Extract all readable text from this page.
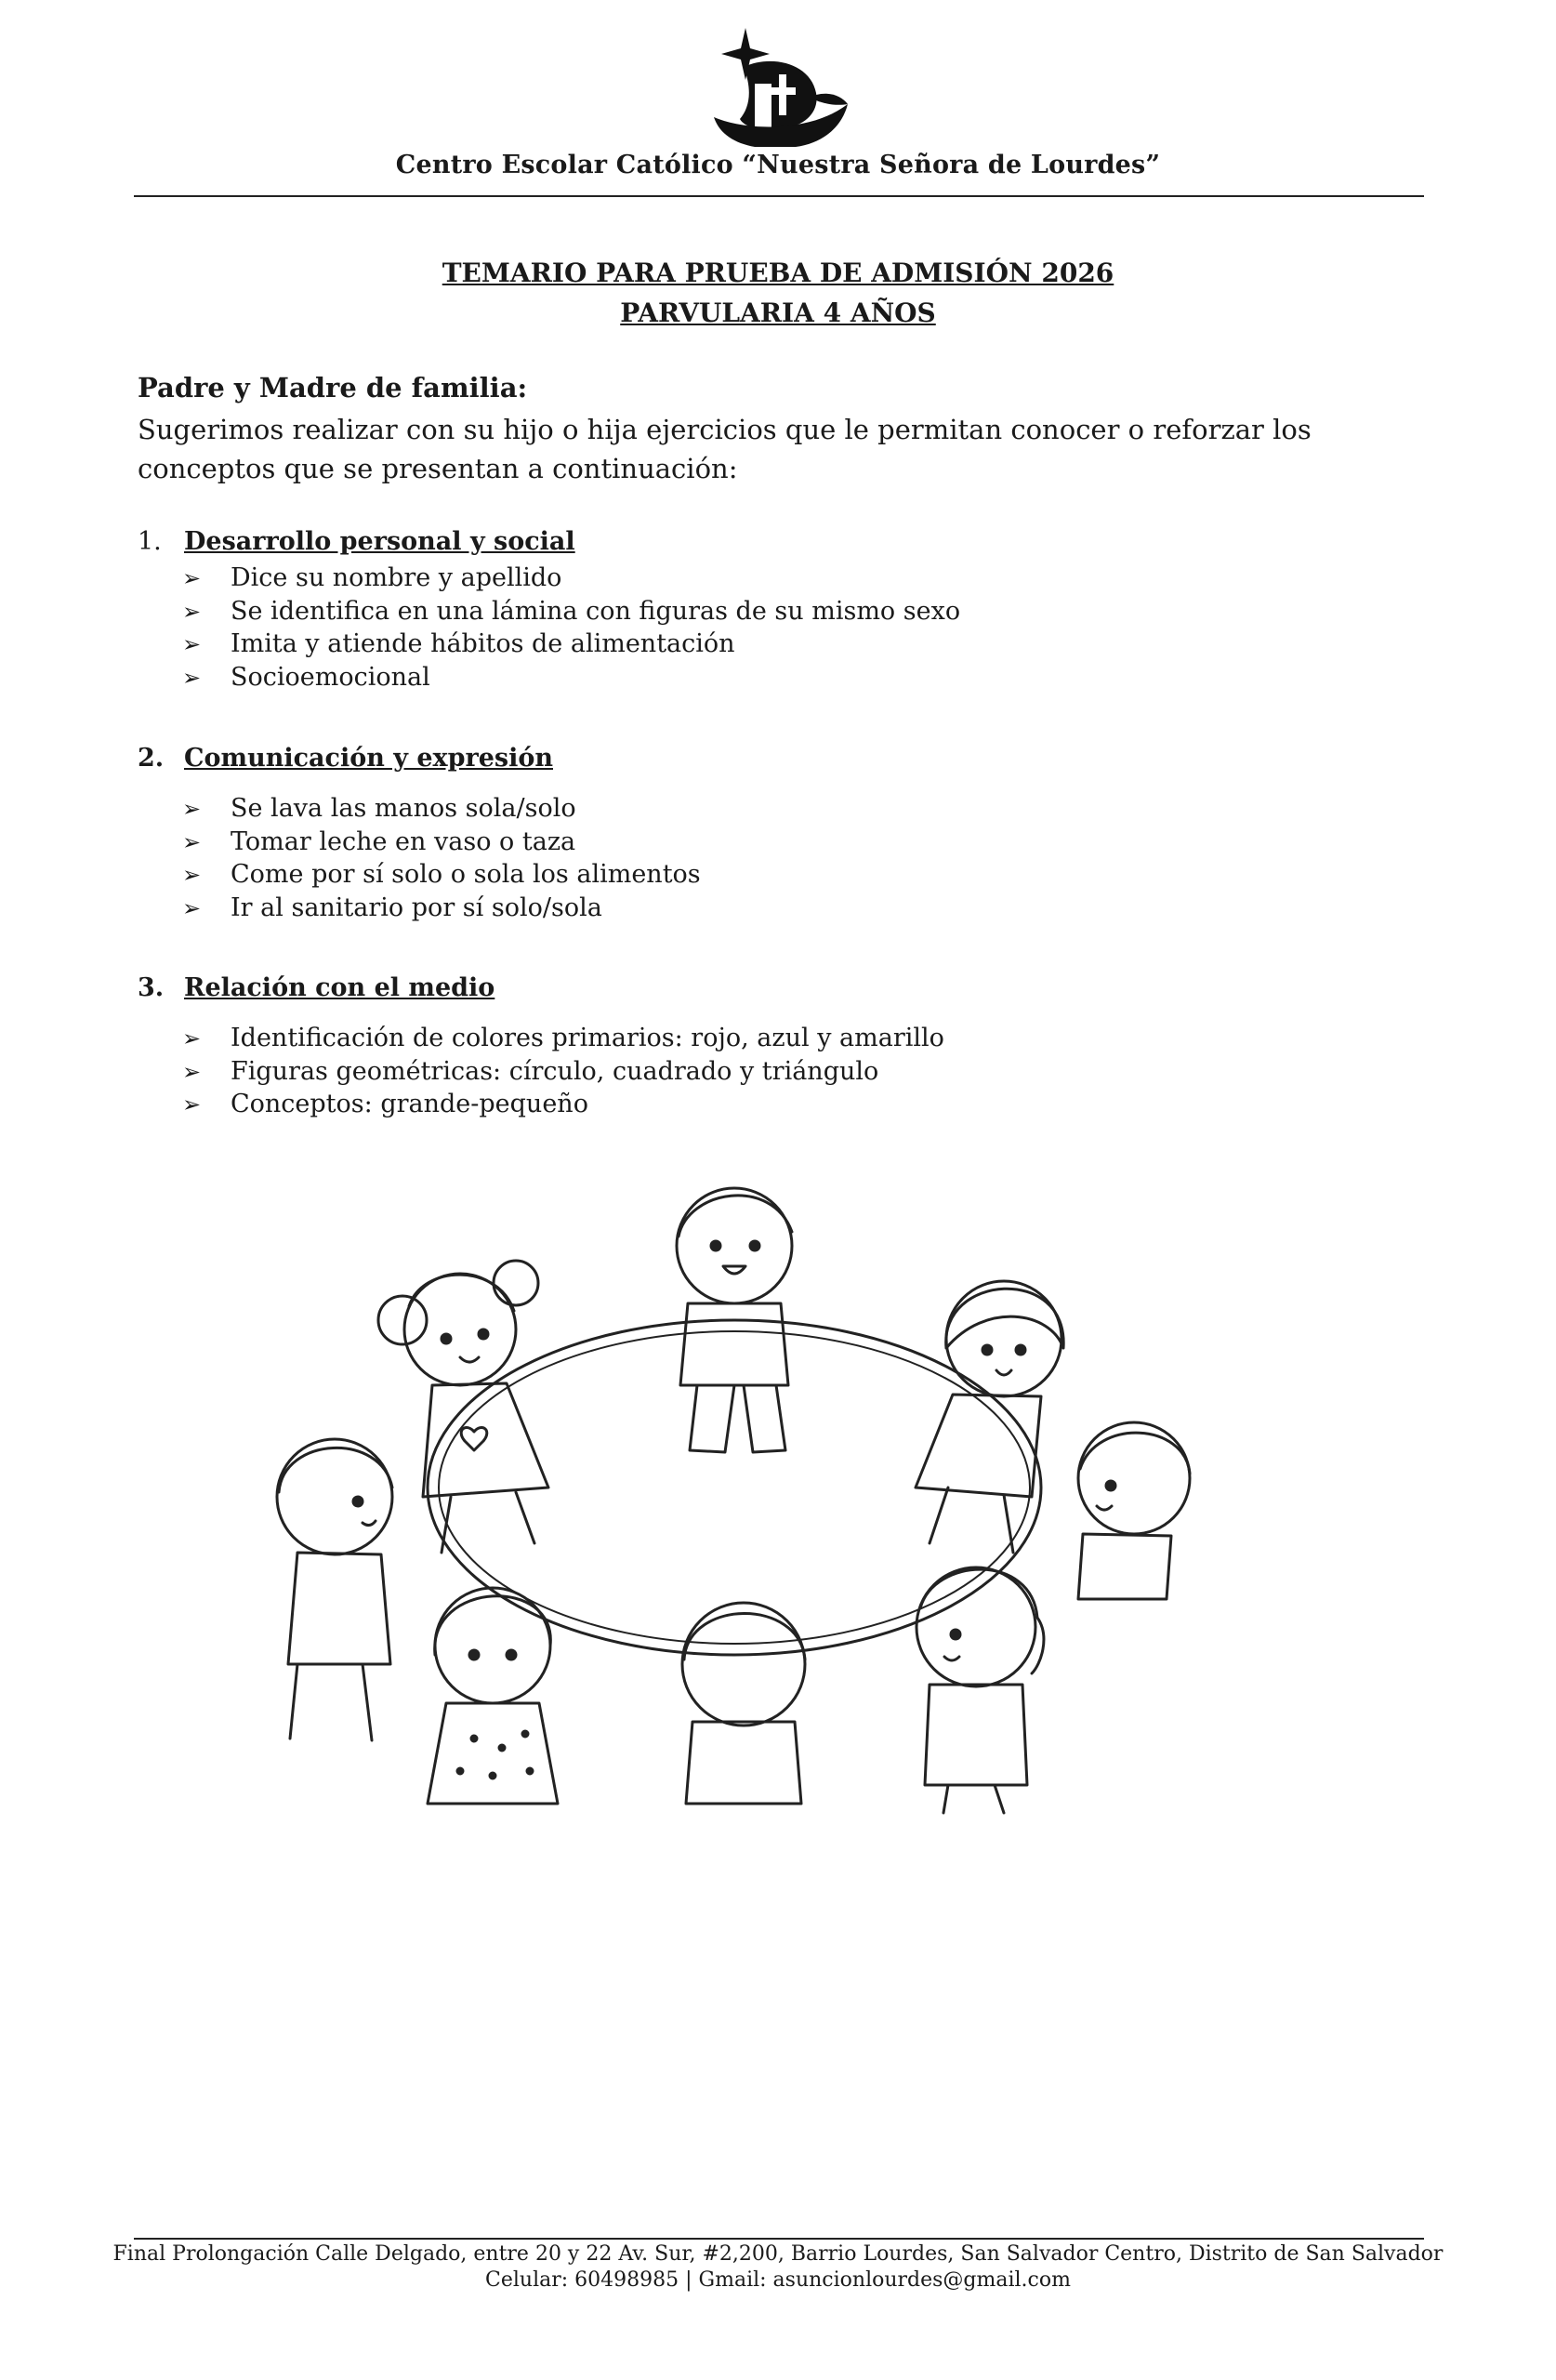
Centro Escolar Católico “Nuestra Señora de Lourdes”
TEMARIO PARA PRUEBA DE ADMISIÓN 2026
PARVULARIA 4 AÑOS
Padre y Madre de familia:
Sugerimos realizar con su hijo o hija ejercicios que le permitan conocer o reforzar los conceptos que se presentan a continuación:
1. Desarrollo personal y social
➢ Dice su nombre y apellido
➢ Se identifica en una lámina con figuras de su mismo sexo
➢ Imita y atiende hábitos de alimentación
➢ Socioemocional
2. Comunicación y expresión
➢ Se lava las manos sola/solo
➢ Tomar leche en vaso o taza
➢ Come por sí solo o sola los alimentos
➢ Ir al sanitario por sí solo/sola
3. Relación con el medio
➢ Identificación de colores primarios: rojo, azul y amarillo
➢ Figuras geométricas: círculo, cuadrado y triángulo
➢ Conceptos: grande-pequeño
Final Prolongación Calle Delgado, entre 20 y 22 Av. Sur, #2,200, Barrio Lourdes, San Salvador Centro, Distrito de San Salvador
Celular: 60498985 | Gmail: asuncionlourdes@gmail.com
